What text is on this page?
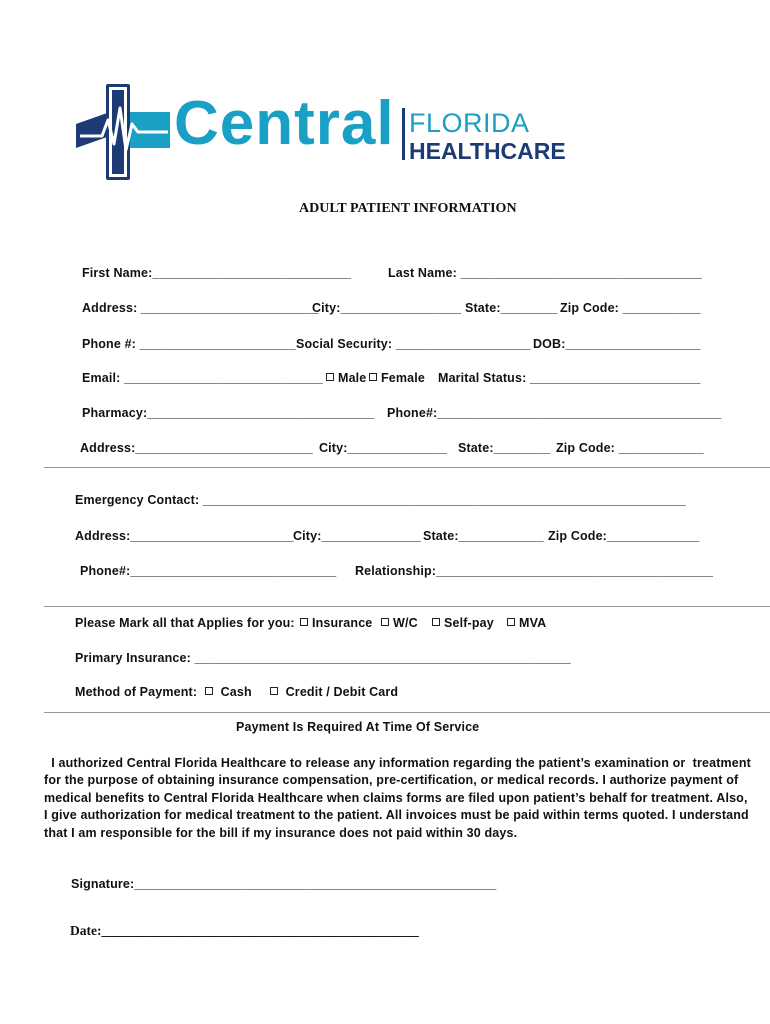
Central

FLORIDA

HEALTHCARE

ADULT PATIENT INFORMATION
First Name:____________________________	Last Name: __________________________________
Address: _________________________
City:_________________ State:________ Zip Code: ___________
Phone #: ______________________ Social Security: ___________________ DOB:___________________
Email: ____________________________	Male	Female Marital Status: ________________________
Pharmacy:________________________________ Phone#:________________________________________
Address:_________________________ City:______________ State:________ Zip Code: ____________
Emergency Contact: ____________________________________________________________________
Address:_______________________ City:______________ State:____________ Zip Code:_____________
Phone#:_____________________________ Relationship:_______________________________________
Please Mark all that Applies for you:	Insurance	W/C	Self-pay	MVA
Primary Insurance: _____________________________________________________
Method of Payment:	Cash	Credit / Debit Card
Payment Is Required At Time Of Service
I authorized Central Florida Healthcare to release any information regarding the patient’s examination or  treatment
for the purpose of obtaining insurance compensation, pre-certification, or medical records. I authorize payment of
medical benefits to Central Florida Healthcare when claims forms are filed upon patient’s behalf for treatment. Also,
I give authorization for medical treatment to the patient. All invoices must be paid within terms quoted. I understand
that I am responsible for the bill if my insurance does not paid within 30 days.
Signature:___________________________________________________
Date:_______________________________________________
